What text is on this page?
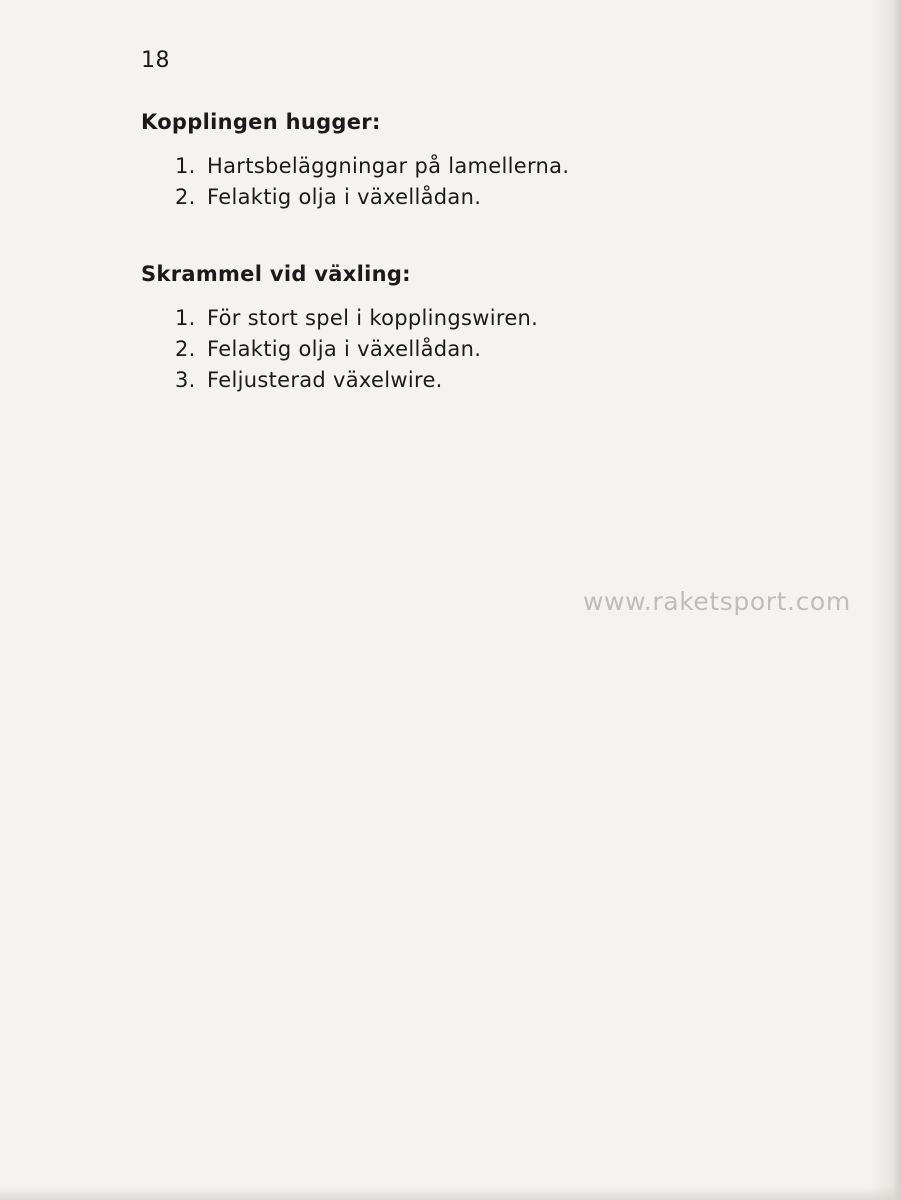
18
Kopplingen hugger:
1. Hartsbeläggningar på lamellerna.
2. Felaktig olja i växellådan.
Skrammel vid växling:
1. För stort spel i kopplingswiren.
2. Felaktig olja i växellådan.
3. Feljusterad växelwire.
www.raketsport.com
